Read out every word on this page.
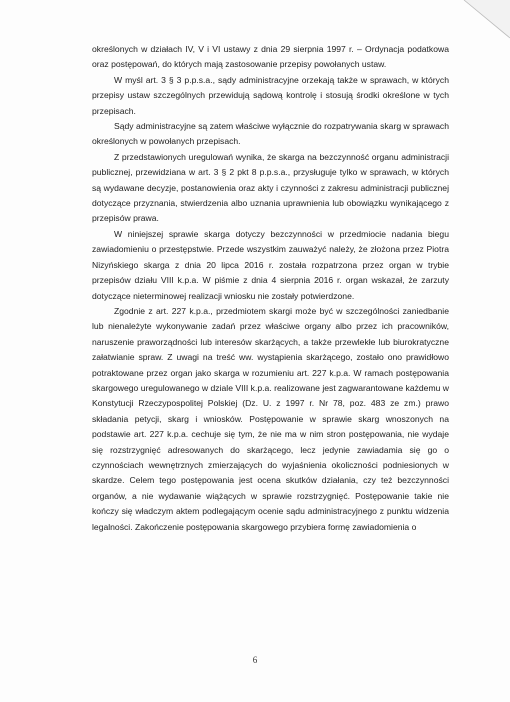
określonych w działach IV, V i VI ustawy z dnia 29 sierpnia 1997 r. – Ordynacja podatkowa oraz postępowań, do których mają zastosowanie przepisy powołanych ustaw.

W myśl art. 3 § 3 p.p.s.a., sądy administracyjne orzekają także w sprawach, w których przepisy ustaw szczególnych przewidują sądową kontrolę i stosują środki określone w tych przepisach.

Sądy administracyjne są zatem właściwe wyłącznie do rozpatrywania skarg w sprawach określonych w powołanych przepisach.

Z przedstawionych uregulowań wynika, że skarga na bezczynność organu administracji publicznej, przewidziana w art. 3 § 2 pkt 8 p.p.s.a., przysługuje tylko w sprawach, w których są wydawane decyzje, postanowienia oraz akty i czynności z zakresu administracji publicznej dotyczące przyznania, stwierdzenia albo uznania uprawnienia lub obowiązku wynikającego z przepisów prawa.

W niniejszej sprawie skarga dotyczy bezczynności w przedmiocie nadania biegu zawiadomieniu o przestępstwie. Przede wszystkim zauważyć należy, że złożona przez Piotra Nizyńskiego skarga z dnia 20 lipca 2016 r. została rozpatrzona przez organ w trybie przepisów działu VIII k.p.a. W piśmie z dnia 4 sierpnia 2016 r. organ wskazał, że zarzuty dotyczące nieterminowej realizacji wniosku nie zostały potwierdzone.

Zgodnie z art. 227 k.p.a., przedmiotem skargi może być w szczególności zaniedbanie lub nienależyte wykonywanie zadań przez właściwe organy albo przez ich pracowników, naruszenie praworządności lub interesów skarżących, a także przewlekłe lub biurokratyczne załatwianie spraw. Z uwagi na treść ww. wystąpienia skarżącego, zostało ono prawidłowo potraktowane przez organ jako skarga w rozumieniu art. 227 k.p.a. W ramach postępowania skargowego uregulowanego w dziale VIII k.p.a. realizowane jest zagwarantowane każdemu w Konstytucji Rzeczypospolitej Polskiej (Dz. U. z 1997 r. Nr 78, poz. 483 ze zm.) prawo składania petycji, skarg i wniosków. Postępowanie w sprawie skarg wnoszonych na podstawie art. 227 k.p.a. cechuje się tym, że nie ma w nim stron postępowania, nie wydaje się rozstrzygnięć adresowanych do skarżącego, lecz jedynie zawiadamia się go o czynnościach wewnętrznych zmierzających do wyjaśnienia okoliczności podniesionych w skardze. Celem tego postępowania jest ocena skutków działania, czy też bezczynności organów, a nie wydawanie wiążących w sprawie rozstrzygnięć. Postępowanie takie nie kończy się władczym aktem podlegającym ocenie sądu administracyjnego z punktu widzenia legalności. Zakończenie postępowania skargowego przybiera formę zawiadomienia o

6
